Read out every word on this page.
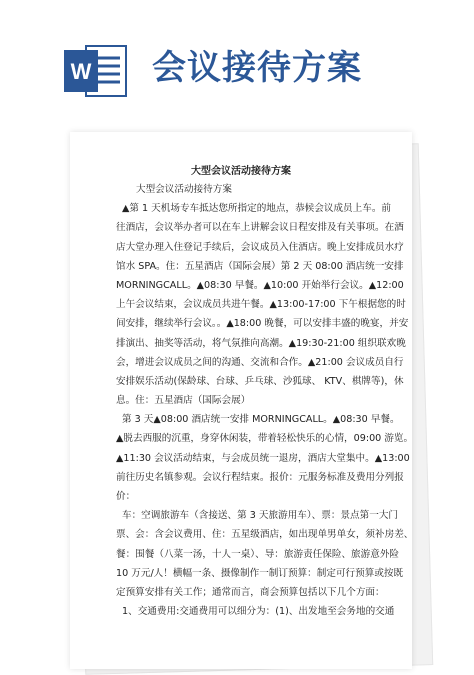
W 会议接待方案
大型会议活动接待方案
大型会议活动接待方案
▲第 1 天机场专车抵达您所指定的地点，恭候会议成员上车。前
往酒店，会议举办者可以在车上讲解会议日程安排及有关事项。在酒
店大堂办理入住登记手续后，会议成员入住酒店。晚上安排成员水疗
馆水 SPA。住：五星酒店（国际会展）第 2 天 08:00 酒店统一安排
MORNINGCALL。▲08:30 早餐。▲10:00 开始举行会议。▲12:00
上午会议结束，会议成员共进午餐。▲13:00-17:00 下午根据您的时
间安排，继续举行会议。。▲18:00 晚餐，可以安排丰盛的晚宴，并安
排演出、抽奖等活动，将气氛推向高潮。▲19:30-21:00 组织联欢晚
会，增进会议成员之间的沟通、交流和合作。▲21:00 会议成员自行
安排娱乐活动(保龄球、台球、乒乓球、沙狐球、 KTV、棋牌等)，休
息。住：五星酒店（国际会展）
第 3 天▲08:00 酒店统一安排 MORNINGCALL。▲08:30 早餐。
▲脱去西服的沉重，身穿休闲装，带着轻松快乐的心情，09:00 游览。
▲11:30 会议活动结束，与会成员统一退房，酒店大堂集中。▲13:00
前往历史名镇参观。会议行程结束。报价：元服务标准及费用分列报
价：
车：空调旅游车（含接送、第 3 天旅游用车）、票：景点第一大门
票、会：含会议费用、住：五星级酒店，如出现单男单女，须补房差、
餐：围餐（八菜一汤，十人一桌）、导：旅游责任保险、旅游意外险
10 万元/人！横幅一条、摄像制作一制订预算：制定可行预算或按既
定预算安排有关工作；通常而言，商会预算包括以下几个方面：
1、交通费用:交通费用可以细分为：(1)、出发地至会务地的交通
